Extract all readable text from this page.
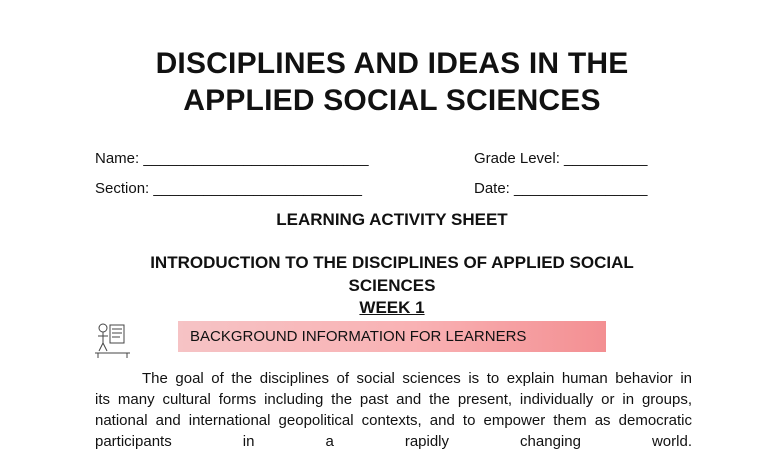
DISCIPLINES AND IDEAS IN THE
APPLIED SOCIAL SCIENCES
Name: ___________________________	Grade Level: __________
Section: _________________________	Date: ________________
LEARNING ACTIVITY SHEET
INTRODUCTION TO THE DISCIPLINES OF APPLIED SOCIAL
SCIENCES
WEEK 1
BACKGROUND INFORMATION FOR LEARNERS
The goal of the disciplines of social sciences is to explain human behavior in
its many cultural forms including the past and the present, individually or in groups,
national and international geopolitical contexts, and to empower them as democratic
participants in a rapidly changing world.
